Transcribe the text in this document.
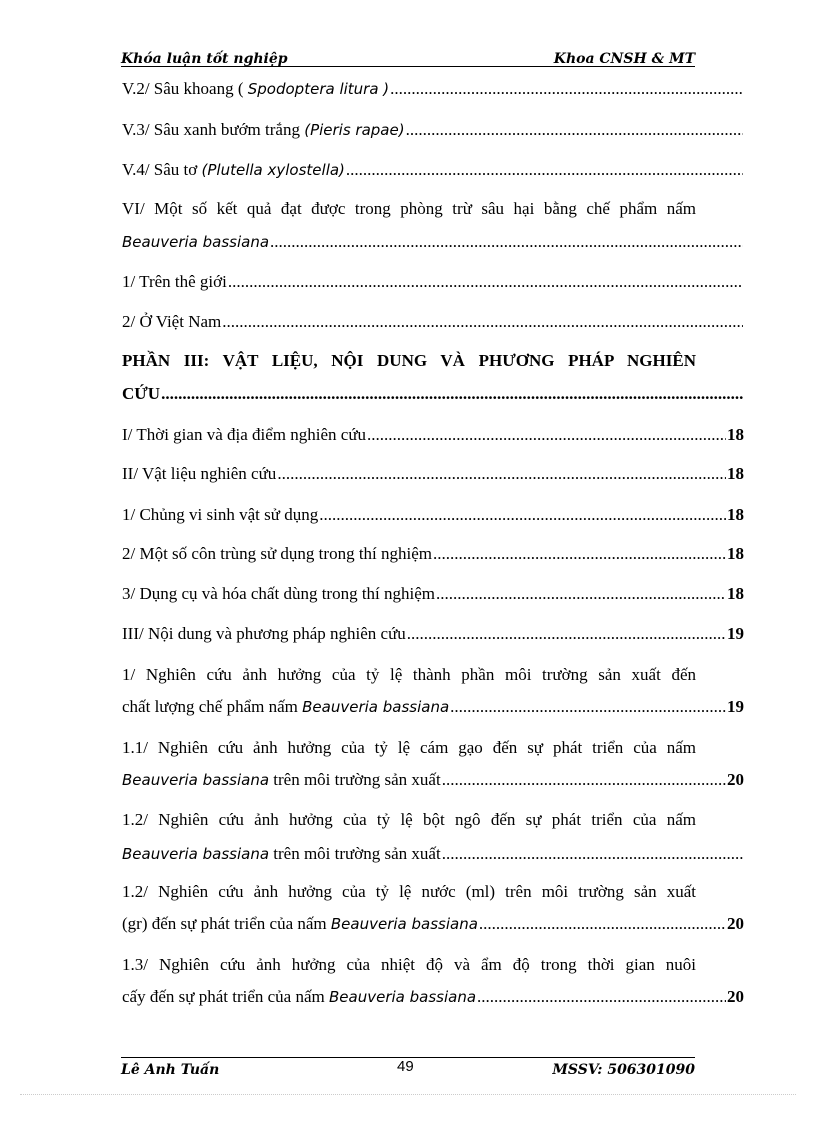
Khóa luận tốt nghiệp	Khoa CNSH & MT
V.2/ Sâu khoang ( Spodoptera litura )
.....
V.3/ Sâu xanh bướm trắng (Pieris rapae)
.....
V.4/ Sâu tơ (Plutella xylostella)
.....
VI/ Một số kết quả đạt được trong phòng trừ sâu hại bằng chế phẩm nấm
Beauveria bassiana
.....
1/ Trên thê giới
.....
2/ Ở Việt Nam
.....
PHẦN III: VẬT LIỆU, NỘI DUNG VÀ PHƯƠNG PHÁP NGHIÊN
CỨU
.....
I/ Thời gian và địa điểm nghiên cứu .....	18
II/ Vật liệu nghiên cứu .....	18
1/ Chủng vi sinh vật sử dụng .....	18
2/ Một số côn trùng sử dụng trong thí nghiệm .....	18
3/ Dụng cụ và hóa chất dùng trong thí nghiệm .....	18
III/ Nội dung và phương pháp nghiên cứu .....	19
1/ Nghiên cứu ảnh hưởng của tỷ lệ thành phần môi trường sản xuất đến
chất lượng chế phẩm nấm Beauveria bassiana .....	19
1.1/ Nghiên cứu ảnh hưởng của tỷ lệ cám gạo đến sự phát triển của nấm
Beauveria bassiana trên môi trường sản xuất .....	20
1.2/ Nghiên cứu ảnh hưởng của tỷ lệ bột ngô đến sự phát triển của nấm
Beauveria bassiana trên môi trường sản xuất
.....
1.2/ Nghiên cứu ảnh hưởng của tỷ lệ nước (ml) trên môi trường sản xuất
(gr) đến sự phát triển của nấm Beauveria bassiana .....	20
1.3/ Nghiên cứu ảnh hưởng của nhiệt độ và ẩm độ trong thời gian nuôi
cấy đến sự phát triển của nấm Beauveria bassiana .....	20
Lê Anh Tuấn	49	MSSV: 506301090
